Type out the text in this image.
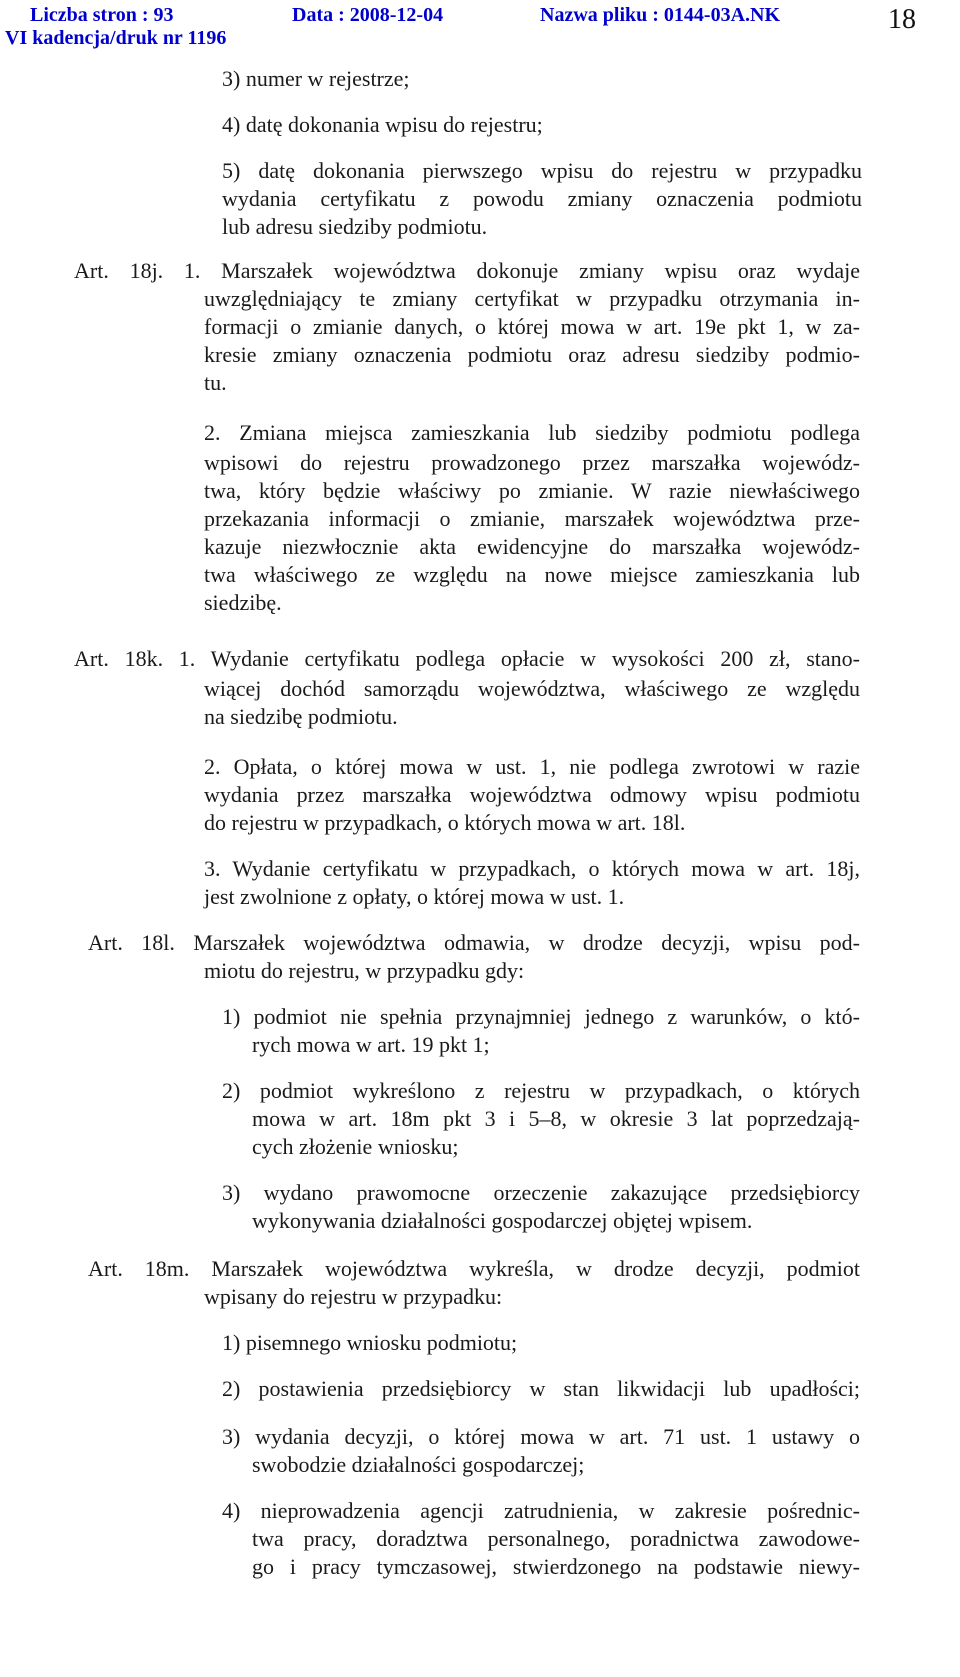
Liczba stron : 93	Data : 2008-12-04	Nazwa pliku : 0144-03A.NK
VI kadencja/druk nr 1196
18
3) numer w rejestrze;
4) datę dokonania wpisu do rejestru;
5) datę dokonania pierwszego wpisu do rejestru w przypadku
wydania certyfikatu z powodu zmiany oznaczenia podmiotu
lub adresu siedziby podmiotu.
Art. 18j. 1. Marszałek województwa dokonuje zmiany wpisu oraz wydaje
uwzględniający te zmiany certyfikat w przypadku otrzymania in-
formacji o zmianie danych, o której mowa w art. 19e pkt 1, w za-
kresie zmiany oznaczenia podmiotu oraz adresu siedziby podmio-
tu.
2. Zmiana miejsca zamieszkania lub siedziby podmiotu podlega
wpisowi do rejestru prowadzonego przez marszałka wojewódz-
twa, który będzie właściwy po zmianie. W razie niewłaściwego
przekazania informacji o zmianie, marszałek województwa prze-
kazuje niezwłocznie akta ewidencyjne do marszałka wojewódz-
twa właściwego ze względu na nowe miejsce zamieszkania lub
siedzibę.
Art. 18k. 1. Wydanie certyfikatu podlega opłacie w wysokości 200 zł, stano-
wiącej dochód samorządu województwa, właściwego ze względu
na siedzibę podmiotu.
2. Opłata, o której mowa w ust. 1, nie podlega zwrotowi w razie
wydania przez marszałka województwa odmowy wpisu podmiotu
do rejestru w przypadkach, o których mowa w art. 18l.
3. Wydanie certyfikatu w przypadkach, o których mowa w art. 18j,
jest zwolnione z opłaty, o której mowa w ust. 1.
Art. 18l. Marszałek województwa odmawia, w drodze decyzji, wpisu pod-
miotu do rejestru, w przypadku gdy:
1) podmiot nie spełnia przynajmniej jednego z warunków, o któ-
rych mowa w art. 19 pkt 1;
2) podmiot wykreślono z rejestru w przypadkach, o których
mowa w art. 18m pkt 3 i 5–8, w okresie 3 lat poprzedzają-
cych złożenie wniosku;
3) wydano prawomocne orzeczenie zakazujące przedsiębiorcy
wykonywania działalności gospodarczej objętej wpisem.
Art. 18m. Marszałek województwa wykreśla, w drodze decyzji, podmiot
wpisany do rejestru w przypadku:
1) pisemnego wniosku podmiotu;
2) postawienia przedsiębiorcy w stan likwidacji lub upadłości;
3) wydania decyzji, o której mowa w art. 71 ust. 1 ustawy o
swobodzie działalności gospodarczej;
4) nieprowadzenia agencji zatrudnienia, w zakresie pośrednic-
twa pracy, doradztwa personalnego, poradnictwa zawodowe-
go i pracy tymczasowej, stwierdzonego na podstawie niewy-
